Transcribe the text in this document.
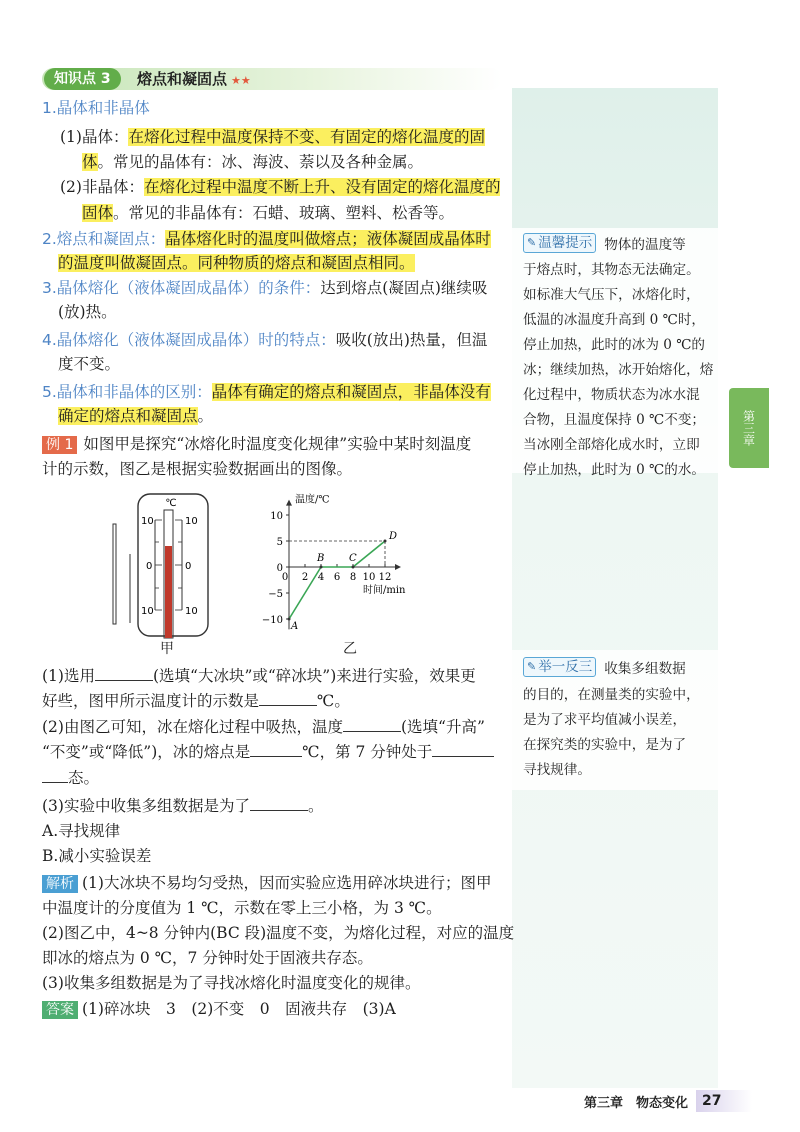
第三章
知识点 3	熔点和凝固点 ★★
1.晶体和非晶体
(1)晶体：在熔化过程中温度保持不变、有固定的熔化温度的固
体。常见的晶体有：冰、海波、萘以及各种金属。
(2)非晶体：在熔化过程中温度不断上升、没有固定的熔化温度的
固体。常见的非晶体有：石蜡、玻璃、塑料、松香等。
2.熔点和凝固点：晶体熔化时的温度叫做熔点；液体凝固成晶体时
的温度叫做凝固点。同种物质的熔点和凝固点相同。
3.晶体熔化（液体凝固成晶体）的条件：达到熔点(凝固点)继续吸
(放)热。
4.晶体熔化（液体凝固成晶体）时的特点：吸收(放出)热量，但温
度不变。
5.晶体和非晶体的区别：晶体有确定的熔点和凝固点，非晶体没有
确定的熔点和凝固点。
例 1 如图甲是探究“冰熔化时温度变化规律”实验中某时刻温度
计的示数，图乙是根据实验数据画出的图像。
℃
10	10
0	0
10	10
甲
温度/℃
时间/min
10
5
0
−5
−10
0 2 4 6 8 10 12
A
B C
D
乙
(1)选用	(选填“大冰块”或“碎冰块”)来进行实验，效果更
好些，图甲所示温度计的示数是	℃。
(2)由图乙可知，冰在熔化过程中吸热，温度	(选填“升高”
“不变”或“降低”)，冰的熔点是	℃，第 7 分钟处于
态。
(3)实验中收集多组数据是为了	。
A.寻找规律
B.减小实验误差
解析 (1)大冰块不易均匀受热，因而实验应选用碎冰块进行；图甲
中温度计的分度值为 1 ℃，示数在零上三小格，为 3 ℃。
(2)图乙中，4~8 分钟内(BC 段)温度不变，为熔化过程，对应的温度
即冰的熔点为 0 ℃，7 分钟时处于固液共存态。
(3)收集多组数据是为了寻找冰熔化时温度变化的规律。
答案 (1)碎冰块　3　(2)不变　0　固液共存　(3)A
✎ 温馨提示 物体的温度等
于熔点时，其物态无法确定。
如标准大气压下，冰熔化时，
低温的冰温度升高到 0 ℃时，
停止加热，此时的冰为 0 ℃的
冰；继续加热，冰开始熔化，熔
化过程中，物质状态为冰水混
合物，且温度保持 0 ℃不变；
当冰刚全部熔化成水时，立即
停止加热，此时为 0 ℃的水。
✎ 举一反三 收集多组数据
的目的，在测量类的实验中，
是为了求平均值减小误差，
在探究类的实验中，是为了
寻找规律。
第三章　物态变化	27
